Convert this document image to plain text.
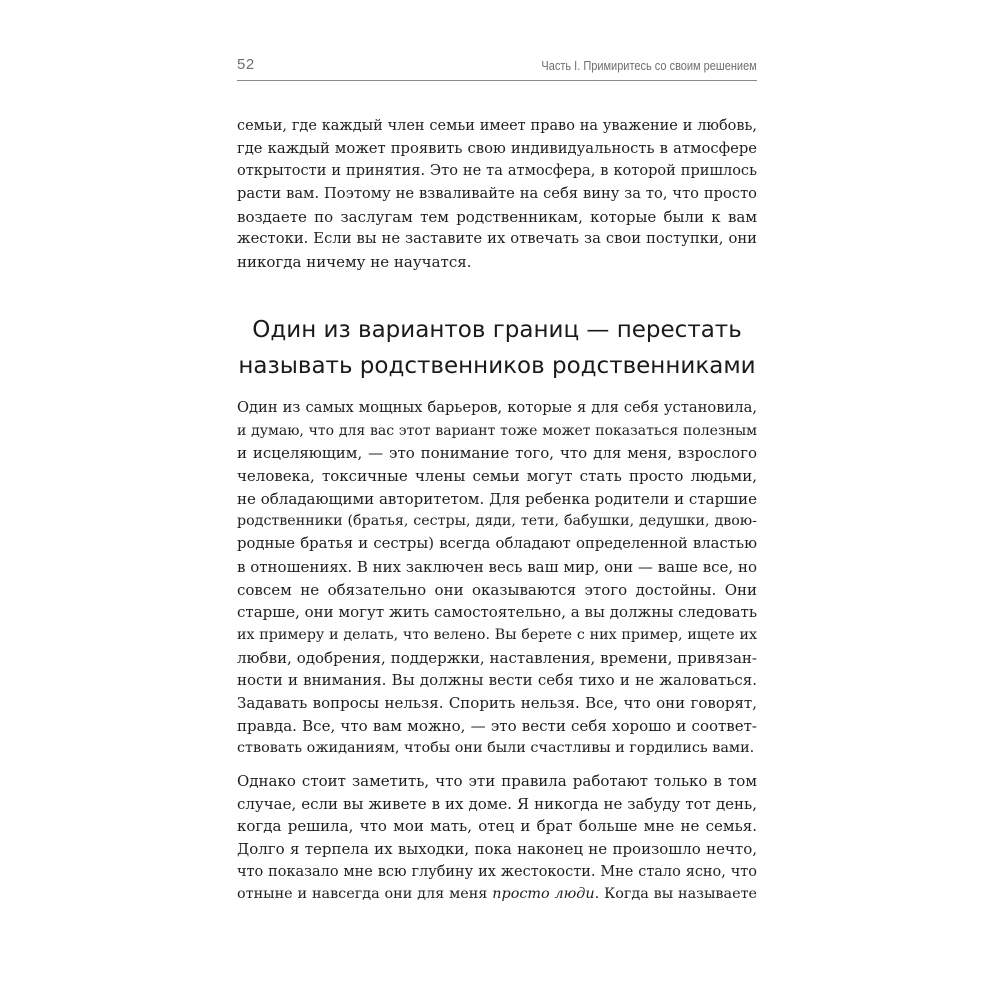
52	Часть I. Примиритесь со своим решением
семьи, где каждый член семьи имеет право на уважение и любовь,
где каждый может проявить свою индивидуальность в атмосфере
открытости и принятия. Это не та атмосфера, в которой пришлось
расти вам. Поэтому не взваливайте на себя вину за то, что просто
воздаете по заслугам тем родственникам, которые были к вам
жестоки. Если вы не заставите их отвечать за свои поступки, они
никогда ничему не научатся.
Один из вариантов границ — перестать
называть родственников родственниками
Один из самых мощных барьеров, которые я для себя установила,
и думаю, что для вас этот вариант тоже может показаться полезным
и исцеляющим, — это понимание того, что для меня, взрослого
человека, токсичные члены семьи могут стать просто людьми,
не обладающими авторитетом. Для ребенка родители и старшие
родственники (братья, сестры, дяди, тети, бабушки, дедушки, двою-
родные братья и сестры) всегда обладают определенной властью
в отношениях. В них заключен весь ваш мир, они — ваше все, но
совсем не обязательно они оказываются этого достойны. Они
старше, они могут жить самостоятельно, а вы должны следовать
их примеру и делать, что велено. Вы берете с них пример, ищете их
любви, одобрения, поддержки, наставления, времени, привязан-
ности и внимания. Вы должны вести себя тихо и не жаловаться.
Задавать вопросы нельзя. Спорить нельзя. Все, что они говорят,
правда. Все, что вам можно, — это вести себя хорошо и соответ-
ствовать ожиданиям, чтобы они были счастливы и гордились вами.
Однако стоит заметить, что эти правила работают только в том
случае, если вы живете в их доме. Я никогда не забуду тот день,
когда решила, что мои мать, отец и брат больше мне не семья.
Долго я терпела их выходки, пока наконец не произошло нечто,
что показало мне всю глубину их жестокости. Мне стало ясно, что
отныне и навсегда они для меня просто люди. Когда вы называете
